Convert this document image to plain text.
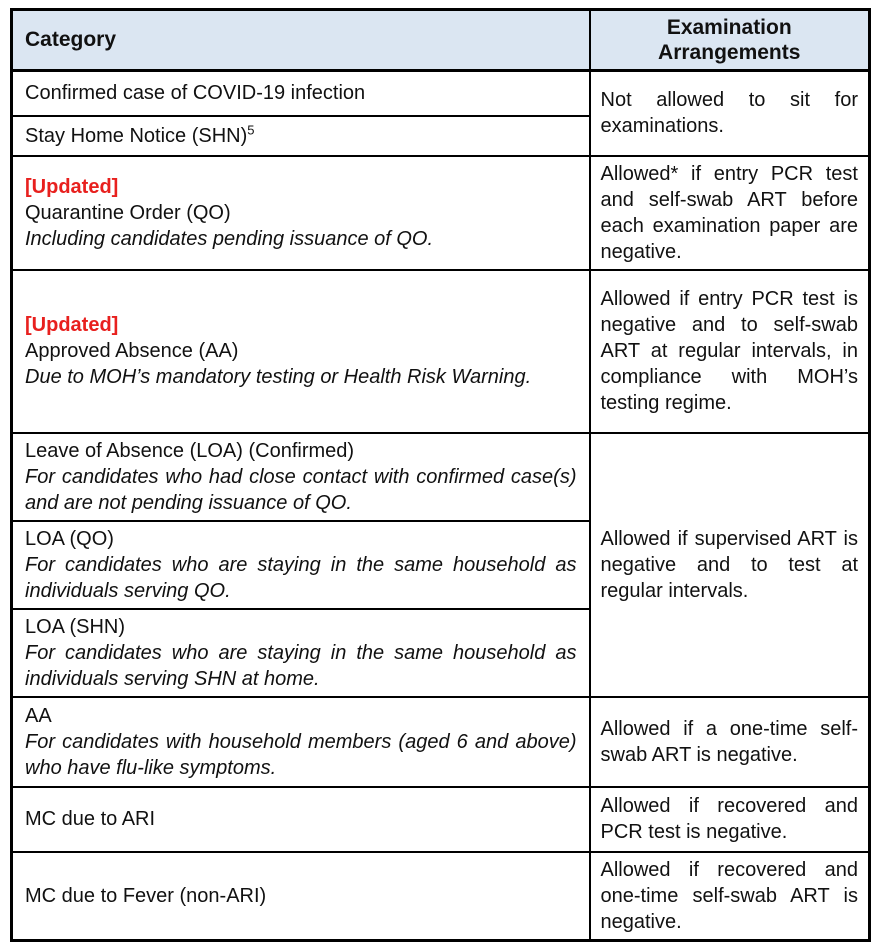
Category	Examination Arrangements

Confirmed case of COVID-19 infection	Not allowed to sit for examinations.

Stay Home Notice (SHN)$^5$

[Updated]
Quarantine Order (QO)
Including candidates pending issuance of QO.	Allowed* if entry PCR test and self-swab ART before each examination paper are negative.

[Updated]
Approved Absence (AA)
Due to MOH’s mandatory testing or Health Risk Warning.	Allowed if entry PCR test is negative and to self-swab ART at regular intervals, in compliance with MOH’s testing regime.

Leave of Absence (LOA) (Confirmed)
For candidates who had close contact with confirmed case(s) and are not pending issuance of QO.	Allowed if supervised ART is negative and to test at regular intervals.

LOA (QO)
For candidates who are staying in the same household as individuals serving QO.	

LOA (SHN)
For candidates who are staying in the same household as individuals serving SHN at home.	

AA
For candidates with household members (aged 6 and above) who have flu-like symptoms.	Allowed if a one-time self-swab ART is negative.

MC due to ARI	Allowed if recovered and PCR test is negative.

MC due to Fever (non-ARI)	Allowed if recovered and one-time self-swab ART is negative.
